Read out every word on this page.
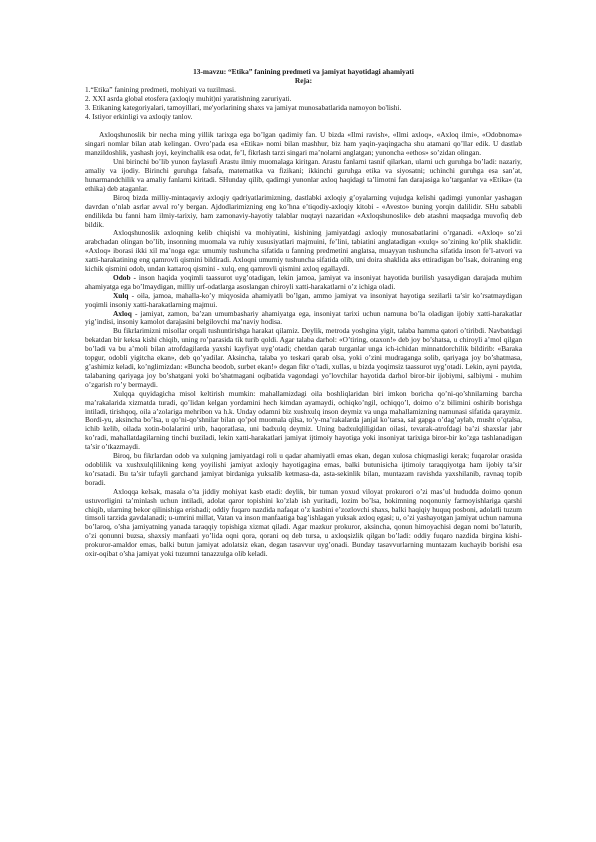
13-mavzu: “Etika” fanining predmeti va jamiyat hayotidagi ahamiyati
Reja:
1.“Etika” fanining predmeti, mohiyati va tuzilmasi.
2. XXI asrda global etosfera (axloqiy muhit)ni yaratishning zaruriyati.
3. Etikaning kategoriyalari, tamoyillari, me'yorlarining shaxs va jamiyat munosabatlarida namoyon bo'lishi.
4. Istiyor erkinligi va axloqiy tanlov.

Axloqshunoslik bir necha ming yillik tarixga ega bo’lgan qadimiy fan. U bizda «Ilmi ravish», «Ilmi axloq», «Axloq ilmi», «Odobnoma» singari nomlar bilan atab kelingan. Ovro’pada esa «Etika» nomi bilan mashhur, biz ham yaqin-yaqingacha shu atamani qo’llar edik. U dastlab manzildoshlik, yashash joyi, keyinchalik esa odat, fe’l, fikrlash tarzi singari ma’nolarni anglatgan; yunoncha «ethos» so’zidan olingan.

Uni birinchi bo’lib yunon faylasufi Arastu ilmiy muomalaga kiritgan. Arastu fanlarni tasnif qilarkan, ularni uch guruhga bo’ladi: nazariy, amaliy va ijodiy. Birinchi guruhga falsafa, matematika va fizikani; ikkinchi guruhga etika va siyosatni; uchinchi guruhga esa san’at, hunarmandchilik va amaliy fanlarni kiritadi. SHunday qilib, qadimgi yunonlar axloq haqidagi ta’limotni fan darajasiga ko’targanlar va «Etika» (ta ethika) deb ataganlar.

Biroq bizda milliy-mintaqaviy axloqiy qadriyatlarimizning, dastlabki axloqiy g’oyalarning vujudga kelishi qadimgi yunonlar yashagan davrdan o’nlab asrlar avval ro’y bergan. Ajdodlarimizning eng ko’hna e’tiqodiy-axloqiy kitobi - «Avesto» buning yorqin dalilidir. SHu sababli endilikda bu fanni ham ilmiy-tarixiy, ham zamonaviy-hayotiy talablar nuqtayi nazaridan «Axloqshunoslik» deb atashni maqsadga muvofiq deb bildik.

Axloqshunoslik axloqning kelib chiqishi va mohiyatini, kishining jamiyatdagi axloqiy munosabatlarini o’rganadi. «Axloq» so’zi arabchadan olingan bo’lib, insonning muomala va ruhiy xususiyatlari majmuini, fe’lini, tabiatini anglatadigan «xulq» so’zining ko’plik shaklidir. «Axloq» iborasi ikki xil ma’noga ega: umumiy tushuncha sifatida u fanning predmetini anglatsa, muayyan tushuncha sifatida inson fe’l-atvori va xatti-harakatining eng qamrovli qismini bildiradi. Axloqni umumiy tushuncha sifatida olib, uni doira shaklida aks ettiradigan bo’lsak, doiraning eng kichik qismini odob, undan kattaroq qismini - xulq, eng qamrovli qismini axloq egallaydi.

Odob - inson haqida yoqimli taassurot uyg’otadigan, lekin jamoa, jamiyat va insoniyat hayotida burilish yasaydigan darajada muhim ahamiyatga ega bo’lmaydigan, milliy urf-odatlarga asoslangan chiroyli xatti-harakatlarni o’z ichiga oladi.

Xulq - oila, jamoa, mahalla-ko’y miqyosida ahamiyatli bo’lgan, ammo jamiyat va insoniyat hayotiga sezilarli ta’sir ko’rsatmaydigan yoqimli insoniy xatti-harakatlarning majmui.

Axloq - jamiyat, zamon, ba’zan umumbashariy ahamiyatga ega, insoniyat tarixi uchun namuna bo’la oladigan ijobiy xatti-harakatlar yig’indisi, insoniy kamolot darajasini belgilovchi ma’naviy hodisa.

Bu fikrlarimizni misollar orqali tushuntirishga harakat qilamiz. Deylik, metroda yoshgina yigit, talaba hamma qatori o’tiribdi. Navbatdagi bekatdan bir keksa kishi chiqib, uning ro’parasida tik turib qoldi. Agar talaba darhol: «O’tiring, otaxon!» deb joy bo’shatsa, u chiroyli a’mol qilgan bo’ladi va bu a’moli bilan atrofdagilarda yaxshi kayfiyat uyg’otadi; chetdan qarab turganlar unga ich-ichidan minnatdorchilik bildirib: «Baraka topgur, odobli yigitcha ekan», deb qo’yadilar. Aksincha, talaba yo teskari qarab olsa, yoki o’zini mudraganga solib, qariyaga joy bo’shatmasa, g’ashimiz keladi, ko’nglimizdan: «Buncha beodob, surbet ekan!» degan fikr o’tadi, xullas, u bizda yoqimsiz taassurot uyg’otadi. Lekin, ayni paytda, talabaning qariyaga joy bo’shatgani yoki bo’shatmagani oqibatida vagondagi yo’lovchilar hayotida darhol biror-bir ijobiymi, salbiymi - muhim o’zgarish ro’y bermaydi.

Xulqqa quyidagicha misol keltirish mumkin: mahallamizdagi oila boshliqlaridan biri imkon boricha qo’ni-qo’shnilarning barcha ma’rakalarida xizmatda turadi, qo’lidan kelgan yordamini hech kimdan ayamaydi, ochiqko’ngil, ochiqqo’l, doimo o’z bilimini oshirib borishga intiladi, tirishqoq, oila a’zolariga mehribon va h.k. Unday odamni biz xushxulq inson deymiz va unga mahallamizning namunasi sifatida qaraymiz. Bordi-yu, aksincha bo’lsa, u qo’ni-qo’shnilar bilan qo’pol muomala qilsa, to’y-ma’rakalarda janjal ko’tarsa, sal gapga o’dag’aylab, musht o’qtalsa, ichib kelib, oilada xotin-bolalarini urib, haqoratlasa, uni badxulq deymiz. Uning badxulqliligidan oilasi, tevarak-atrofdagi ba’zi shaxslar jabr ko’radi, mahallatdagilarning tinchi buziladi, lekin xatti-harakatlari jamiyat ijtimoiy hayotiga yoki insoniyat tarixiga biror-bir ko’zga tashlanadigan ta’sir o’tkazmaydi.

Biroq, bu fikrlardan odob va xulqning jamiyatdagi roli u qadar ahamiyatli emas ekan, degan xulosa chiqmasligi kerak; fuqarolar orasida odoblilik va xushxulqlilikning keng yoyilishi jamiyat axloqiy hayotigagina emas, balki butunisicha ijtimoiy taraqqiyotga ham ijobiy ta’sir ko’rsatadi. Bu ta’sir tufayli garchand jamiyat birdaniga yuksalib ketmasa-da, asta-sekinlik bilan, muntazam ravishda yaxshilanib, ravnaq topib boradi.

Axloqqa kelsak, masala o’ta jiddiy mohiyat kasb etadi: deylik, bir tuman yoxud viloyat prokurori o’zi mas’ul hududda doimo qonun ustuvorligini ta’minlash uchun intiladi, adolat qaror topishini ko’zlab ish yuritadi, lozim bo’lsa, hokimning noqonuniy farmoyishlariga qarshi chiqib, ularning bekor qilinishiga erishadi; oddiy fuqaro nazdida nafaqat o’z kasbini e’zozlovchi shaxs, balki haqiqiy huquq posboni, adolatli tuzum timsoli tarzida gavdalanadi; u-umrini millat, Vatan va inson manfaatiga bag’ishlagan yuksak axloq egasi; u, o’zi yashayotgan jamiyat uchun namuna bo’laroq, o’sha jamiyatning yanada taraqqiy topishiga xizmat qiladi. Agar mazkur prokuror, aksincha, qonun himoyachisi degan nomi bo’laturib, o’zi qonunni buzsa, shaxsiy manfaati yo’lida oqni qora, qorani oq deb tursa, u axloqsizlik qilgan bo’ladi: oddiy fuqaro nazdida birgina kishi-prokuror-amaldor emas, balki butun jamiyat adolatsiz ekan, degan tasavvur uyg’onadi. Bunday tasavvurlarning muntazam kuchayib borishi esa oxir-oqibat o’sha jamiyat yoki tuzumni tanazzulga olib keladi.
